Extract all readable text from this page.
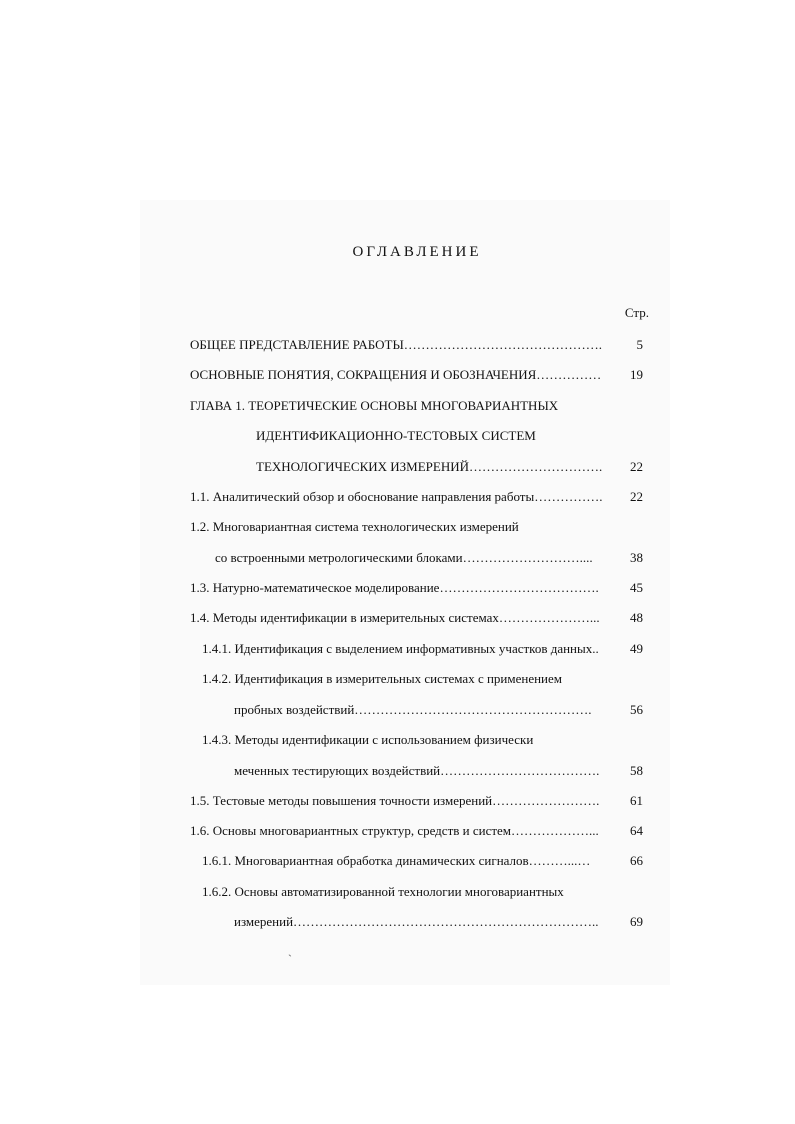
ОГЛАВЛЕНИЕ
Стр.
ОБЩЕЕ ПРЕДСТАВЛЕНИЕ РАБОТЫ……………………………………….	5
ОСНОВНЫЕ ПОНЯТИЯ, СОКРАЩЕНИЯ И ОБОЗНАЧЕНИЯ……………	19
ГЛАВА 1. ТЕОРЕТИЧЕСКИЕ ОСНОВЫ МНОГОВАРИАНТНЫХ
ИДЕНТИФИКАЦИОННО-ТЕСТОВЫХ СИСТЕМ
ТЕХНОЛОГИЧЕСКИХ ИЗМЕРЕНИЙ………………………….	22
1.1. Аналитический обзор и обоснование направления работы…………….	22
1.2. Многовариантная система технологических измерений
со встроенными метрологическими блоками………………………....	38
1.3. Натурно-математическое моделирование……………………………….	45
1.4. Методы идентификации в измерительных системах…………………...	48
1.4.1. Идентификация с выделением информативных участков данных..	49
1.4.2. Идентификация в измерительных системах с применением
пробных воздействий……………………………………………….	56
1.4.3. Методы идентификации с использованием физически
меченных тестирующих воздействий……………………………….	58
1.5. Тестовые методы повышения точности измерений…………………….	61
1.6. Основы многовариантных структур, средств и систем………………...	64
1.6.1. Многовариантная обработка динамических сигналов………...…	66
1.6.2. Основы автоматизированной технологии многовариантных
измерений……………………………………………………………..	69
`
